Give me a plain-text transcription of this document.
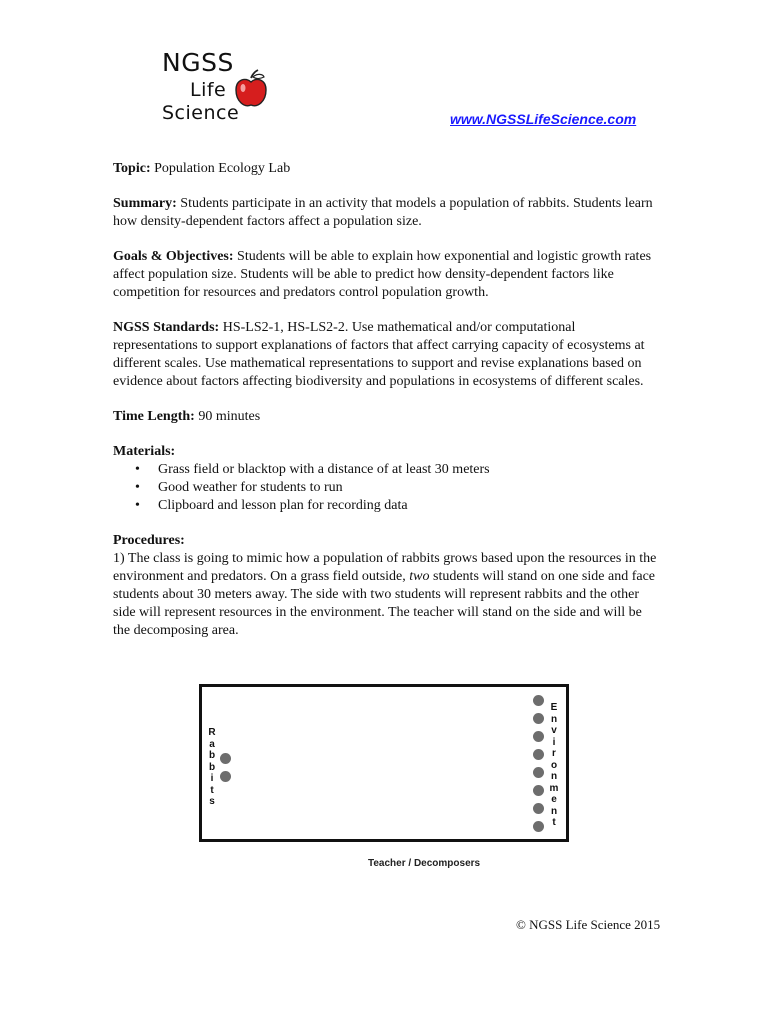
NGSS
Life
Science	www.NGSSLifeScience.com

Topic: Population Ecology Lab

Summary: Students participate in an activity that models a population of rabbits. Students learn how density-dependent factors affect a population size.

Goals & Objectives: Students will be able to explain how exponential and logistic growth rates affect population size. Students will be able to predict how density-dependent factors like competition for resources and predators control population growth.

NGSS Standards: HS-LS2-1, HS-LS2-2. Use mathematical and/or computational representations to support explanations of factors that affect carrying capacity of ecosystems at different scales. Use mathematical representations to support and revise explanations based on evidence about factors affecting biodiversity and populations in ecosystems of different scales.

Time Length: 90 minutes

Materials:
• Grass field or blacktop with a distance of at least 30 meters
• Good weather for students to run
• Clipboard and lesson plan for recording data
Procedures:

1) The class is going to mimic how a population of rabbits grows based upon the resources in the environment and predators. On a grass field outside, two students will stand on one side and face students about 30 meters away. The side with two students will represent rabbits and the other side will represent resources in the environment. The teacher will stand on the side and will be the decomposing area.

R
a
b
b
i
t
s
E
n
v
i
r
o
n
m
e
n
t
Teacher / Decomposers
© NGSS Life Science 2015
